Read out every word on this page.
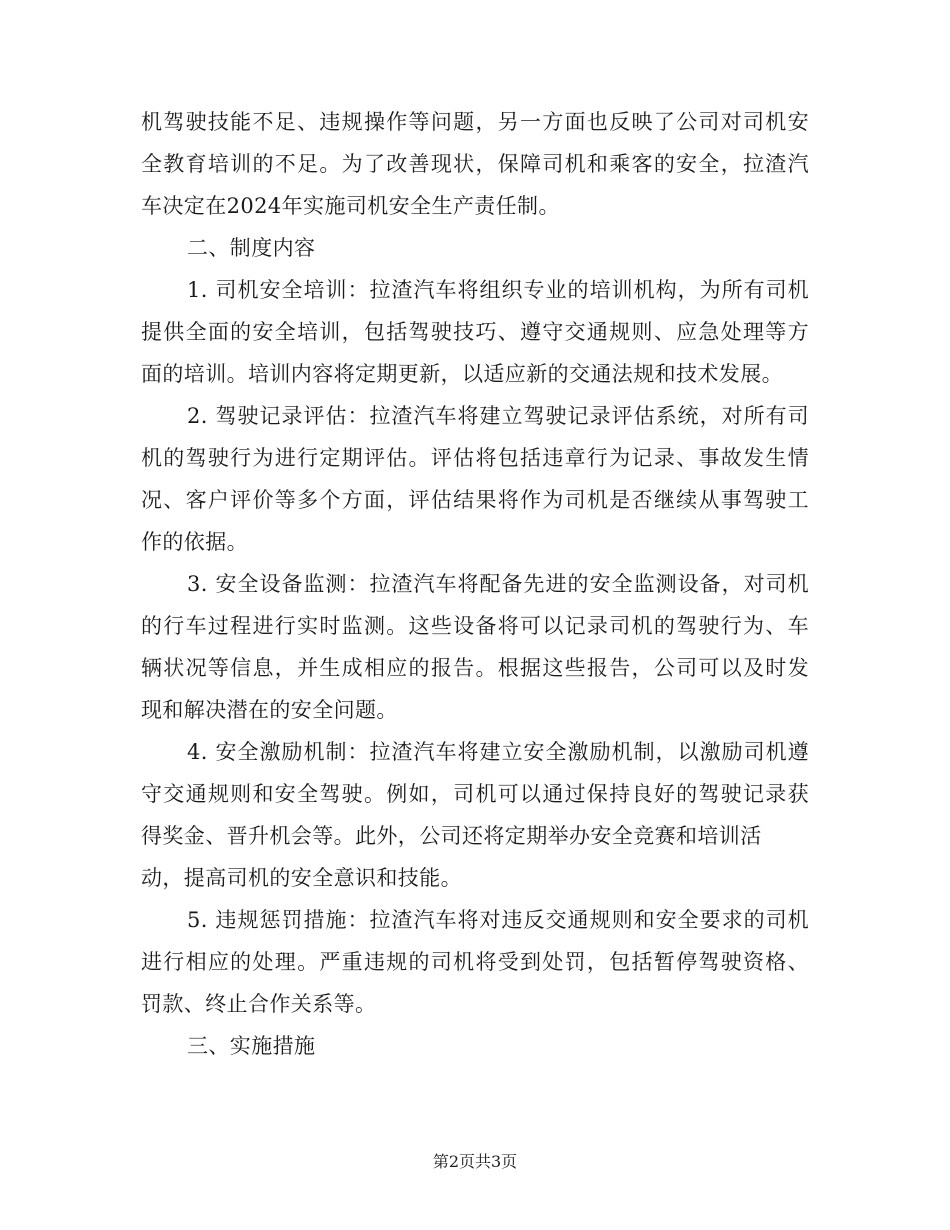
机驾驶技能不足、违规操作等问题，另一方面也反映了公司对司机安
全教育培训的不足。为了改善现状，保障司机和乘客的安全，拉渣汽
车决定在2024年实施司机安全生产责任制。
二、制度内容
1. 司机安全培训：拉渣汽车将组织专业的培训机构，为所有司机
提供全面的安全培训，包括驾驶技巧、遵守交通规则、应急处理等方
面的培训。培训内容将定期更新，以适应新的交通法规和技术发展。
2. 驾驶记录评估：拉渣汽车将建立驾驶记录评估系统，对所有司
机的驾驶行为进行定期评估。评估将包括违章行为记录、事故发生情
况、客户评价等多个方面，评估结果将作为司机是否继续从事驾驶工
作的依据。
3. 安全设备监测：拉渣汽车将配备先进的安全监测设备，对司机
的行车过程进行实时监测。这些设备将可以记录司机的驾驶行为、车
辆状况等信息，并生成相应的报告。根据这些报告，公司可以及时发
现和解决潜在的安全问题。
4. 安全激励机制：拉渣汽车将建立安全激励机制，以激励司机遵
守交通规则和安全驾驶。例如，司机可以通过保持良好的驾驶记录获
得奖金、晋升机会等。此外，公司还将定期举办安全竞赛和培训活
动，提高司机的安全意识和技能。
5. 违规惩罚措施：拉渣汽车将对违反交通规则和安全要求的司机
进行相应的处理。严重违规的司机将受到处罚，包括暂停驾驶资格、
罚款、终止合作关系等。
三、实施措施
第2页共3页
